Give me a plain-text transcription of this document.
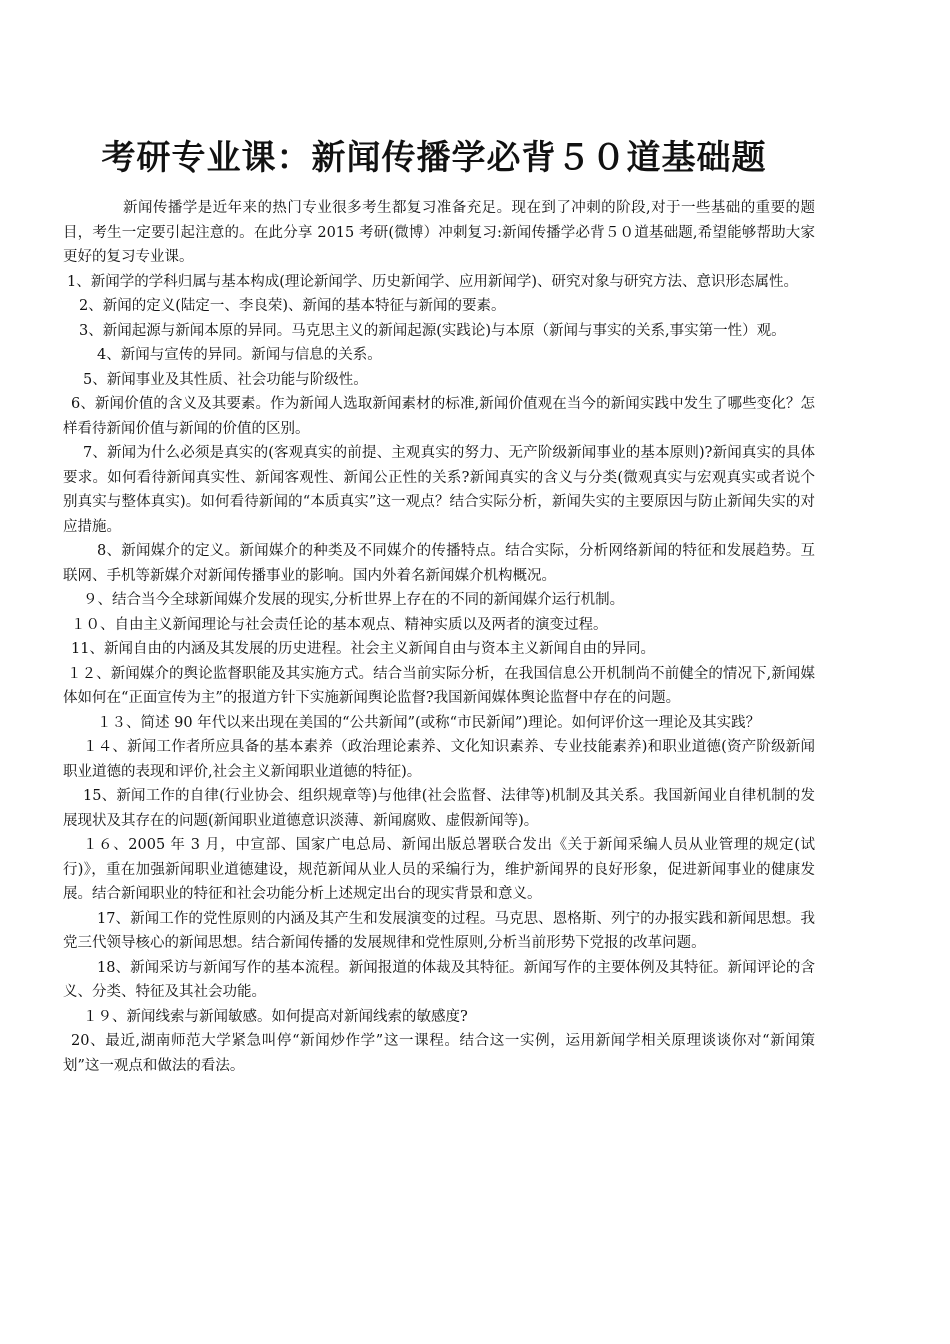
考研专业课：新闻传播学必背５０道基础题

新闻传播学是近年来的热门专业很多考生都复习准备充足。现在到了冲刺的阶段,对于一些基础的重要的题目，考生一定要引起注意的。在此分享 2015 考研(微博）冲刺复习:新闻传播学必背５０道基础题,希望能够帮助大家更好的复习专业课。

1、新闻学的学科归属与基本构成(理论新闻学、历史新闻学、应用新闻学)、研究对象与研究方法、意识形态属性。

2、新闻的定义(陆定一、李良荣)、新闻的基本特征与新闻的要素。

3、新闻起源与新闻本原的异同。马克思主义的新闻起源(实践论)与本原（新闻与事实的关系,事实第一性）观。

4、新闻与宣传的异同。新闻与信息的关系。

5、新闻事业及其性质、社会功能与阶级性。

6、新闻价值的含义及其要素。作为新闻人选取新闻素材的标准,新闻价值观在当今的新闻实践中发生了哪些变化？怎样看待新闻价值与新闻的价值的区别。

7、新闻为什么必须是真实的(客观真实的前提、主观真实的努力、无产阶级新闻事业的基本原则)?新闻真实的具体要求。如何看待新闻真实性、新闻客观性、新闻公正性的关系?新闻真实的含义与分类(微观真实与宏观真实或者说个别真实与整体真实)。如何看待新闻的“本质真实”这一观点？结合实际分析，新闻失实的主要原因与防止新闻失实的对应措施。

8、新闻媒介的定义。新闻媒介的种类及不同媒介的传播特点。结合实际，分析网络新闻的特征和发展趋势。互联网、手机等新媒介对新闻传播事业的影响。国内外着名新闻媒介机构概况。

９、结合当今全球新闻媒介发展的现实,分析世界上存在的不同的新闻媒介运行机制。

１０、自由主义新闻理论与社会责任论的基本观点、精神实质以及两者的演变过程。

11、新闻自由的内涵及其发展的历史进程。社会主义新闻自由与资本主义新闻自由的异同。

１２、新闻媒介的舆论监督职能及其实施方式。结合当前实际分析，在我国信息公开机制尚不前健全的情况下,新闻媒体如何在“正面宣传为主”的报道方针下实施新闻舆论监督?我国新闻媒体舆论监督中存在的问题。

１３、简述 90 年代以来出现在美国的“公共新闻”(或称“市民新闻”)理论。如何评价这一理论及其实践？

１４、新闻工作者所应具备的基本素养（政治理论素养、文化知识素养、专业技能素养)和职业道德(资产阶级新闻职业道德的表现和评价,社会主义新闻职业道德的特征)。

15、新闻工作的自律(行业协会、组织规章等)与他律(社会监督、法律等)机制及其关系。我国新闻业自律机制的发展现状及其存在的问题(新闻职业道德意识淡薄、新闻腐败、虚假新闻等)。

１６、2005 年 3 月，中宣部、国家广电总局、新闻出版总署联合发出《关于新闻采编人员从业管理的规定(试行)》，重在加强新闻职业道德建设，规范新闻从业人员的采编行为，维护新闻界的良好形象，促进新闻事业的健康发展。结合新闻职业的特征和社会功能分析上述规定出台的现实背景和意义。

17、新闻工作的党性原则的内涵及其产生和发展演变的过程。马克思、恩格斯、列宁的办报实践和新闻思想。我党三代领导核心的新闻思想。结合新闻传播的发展规律和党性原则,分析当前形势下党报的改革问题。

18、新闻采访与新闻写作的基本流程。新闻报道的体裁及其特征。新闻写作的主要体例及其特征。新闻评论的含义、分类、特征及其社会功能。

１９、新闻线索与新闻敏感。如何提高对新闻线索的敏感度?

20、最近,湖南师范大学紧急叫停“新闻炒作学”这一课程。结合这一实例，运用新闻学相关原理谈谈你对“新闻策划”这一观点和做法的看法。
